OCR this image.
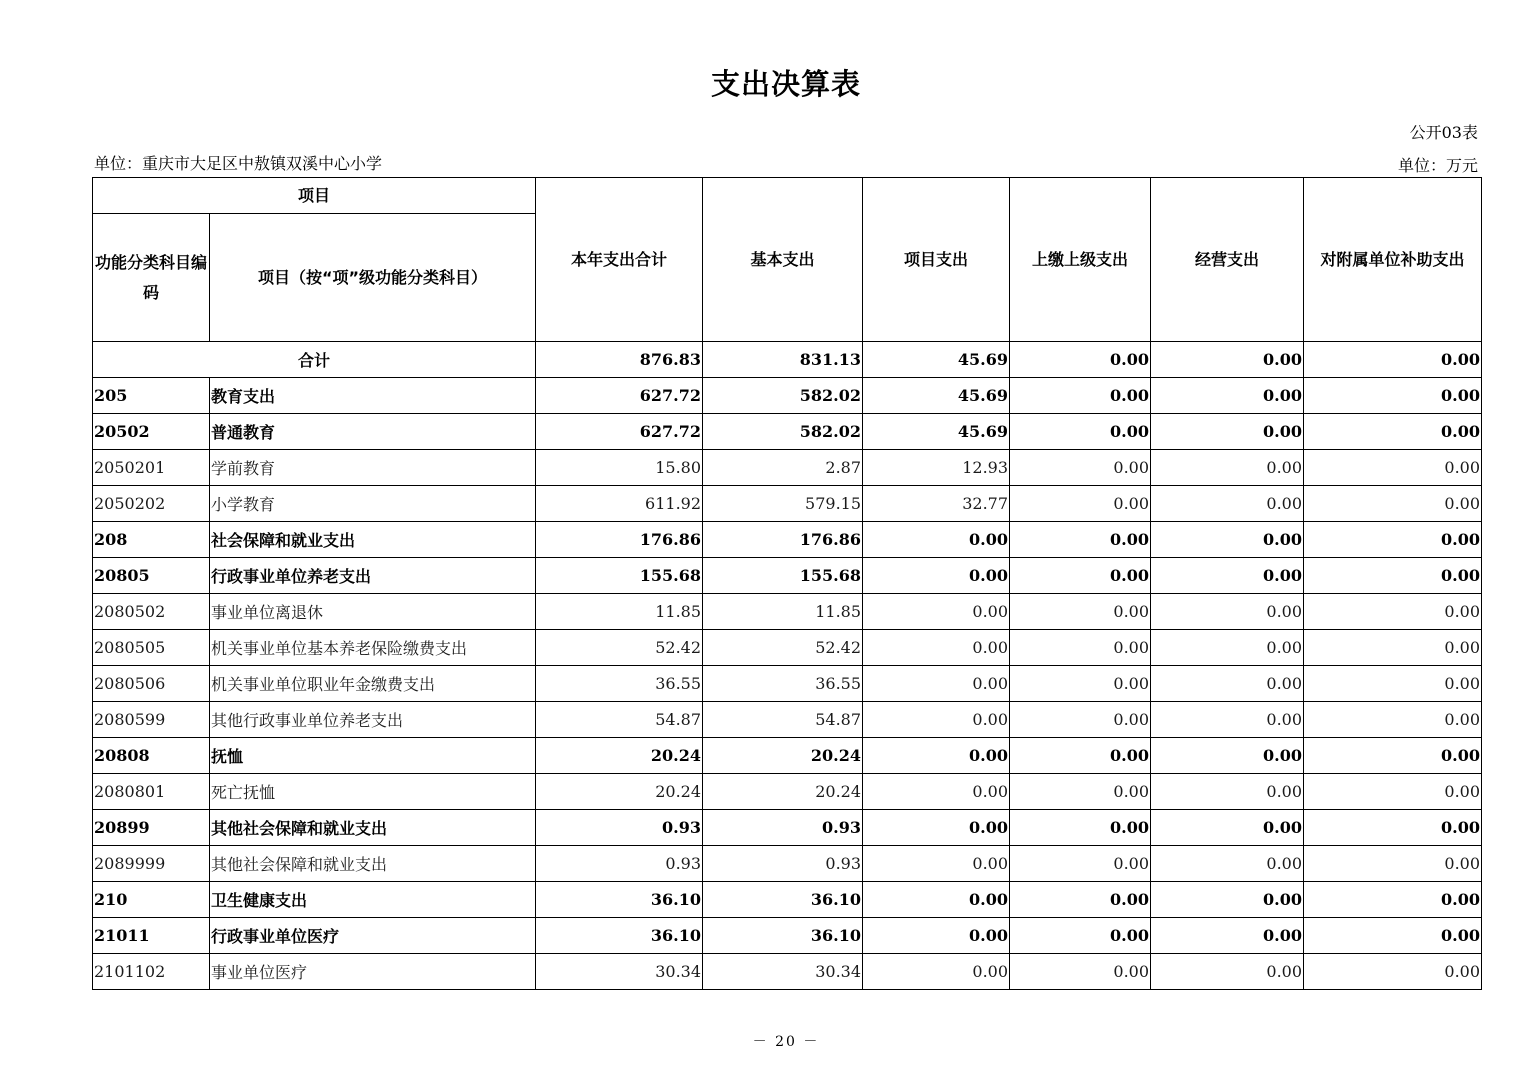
支出决算表
公开03表
单位：重庆市大足区中敖镇双溪中心小学	单位：万元
项目		本年支出合计	基本支出	项目支出	上缴上级支出	经营支出	对附属单位补助支出
功能分类科目编码	项目（按“项”级功能分类科目）						
合计		876.83	831.13	45.69	0.00	0.00	0.00
205	教育支出	627.72	582.02	45.69	0.00	0.00	0.00
20502	普通教育	627.72	582.02	45.69	0.00	0.00	0.00
2050201	学前教育	15.80	2.87	12.93	0.00	0.00	0.00
2050202	小学教育	611.92	579.15	32.77	0.00	0.00	0.00
208	社会保障和就业支出	176.86	176.86	0.00	0.00	0.00	0.00
20805	行政事业单位养老支出	155.68	155.68	0.00	0.00	0.00	0.00
2080502	事业单位离退休	11.85	11.85	0.00	0.00	0.00	0.00
2080505	机关事业单位基本养老保险缴费支出	52.42	52.42	0.00	0.00	0.00	0.00
2080506	机关事业单位职业年金缴费支出	36.55	36.55	0.00	0.00	0.00	0.00
2080599	其他行政事业单位养老支出	54.87	54.87	0.00	0.00	0.00	0.00
20808	抚恤	20.24	20.24	0.00	0.00	0.00	0.00
2080801	死亡抚恤	20.24	20.24	0.00	0.00	0.00	0.00
20899	其他社会保障和就业支出	0.93	0.93	0.00	0.00	0.00	0.00
2089999	其他社会保障和就业支出	0.93	0.93	0.00	0.00	0.00	0.00
210	卫生健康支出	36.10	36.10	0.00	0.00	0.00	0.00
21011	行政事业单位医疗	36.10	36.10	0.00	0.00	0.00	0.00
2101102	事业单位医疗	30.34	30.34	0.00	0.00	0.00	0.00
－ 20 －
